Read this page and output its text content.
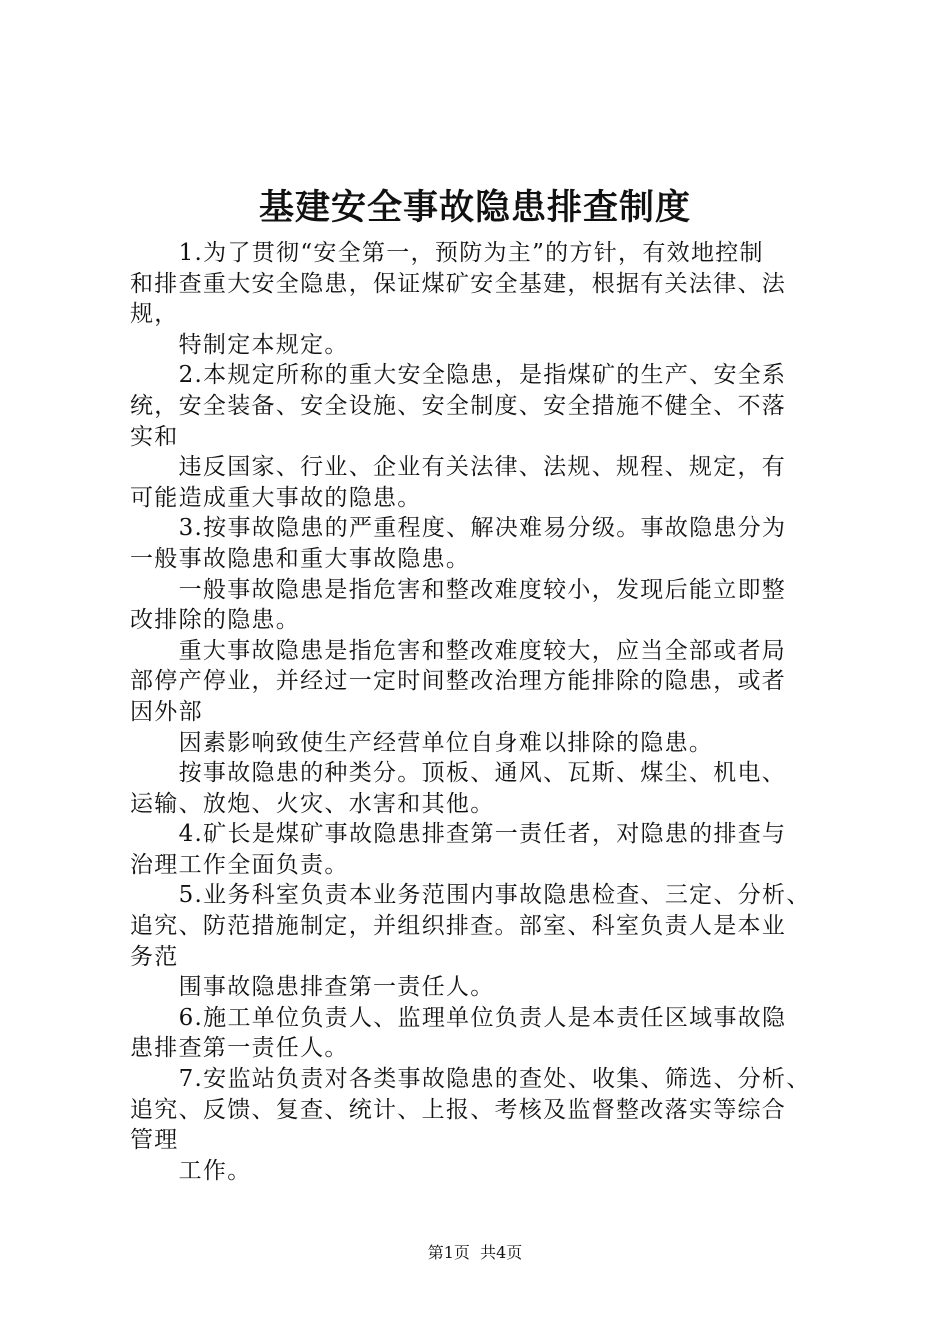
基建安全事故隐患排查制度
　　1.为了贯彻“安全第一，预防为主”的方针，有效地控制
和排查重大安全隐患，保证煤矿安全基建，根据有关法律、法
规，
　　特制定本规定。
　　2.本规定所称的重大安全隐患，是指煤矿的生产、安全系
统，安全装备、安全设施、安全制度、安全措施不健全、不落
实和
　　违反国家、行业、企业有关法律、法规、规程、规定，有
可能造成重大事故的隐患。
　　3.按事故隐患的严重程度、解决难易分级。事故隐患分为
一般事故隐患和重大事故隐患。
　　一般事故隐患是指危害和整改难度较小，发现后能立即整
改排除的隐患。
　　重大事故隐患是指危害和整改难度较大，应当全部或者局
部停产停业，并经过一定时间整改治理方能排除的隐患，或者
因外部
　　因素影响致使生产经营单位自身难以排除的隐患。
　　按事故隐患的种类分。顶板、通风、瓦斯、煤尘、机电、
运输、放炮、火灾、水害和其他。
　　4.矿长是煤矿事故隐患排查第一责任者，对隐患的排查与
治理工作全面负责。
　　5.业务科室负责本业务范围内事故隐患检查、三定、分析、
追究、防范措施制定，并组织排查。部室、科室负责人是本业
务范
　　围事故隐患排查第一责任人。
　　6.施工单位负责人、监理单位负责人是本责任区域事故隐
患排查第一责任人。
　　7.安监站负责对各类事故隐患的查处、收集、筛选、分析、
追究、反馈、复查、统计、上报、考核及监督整改落实等综合
管理
　　工作。
第1页  共4页
